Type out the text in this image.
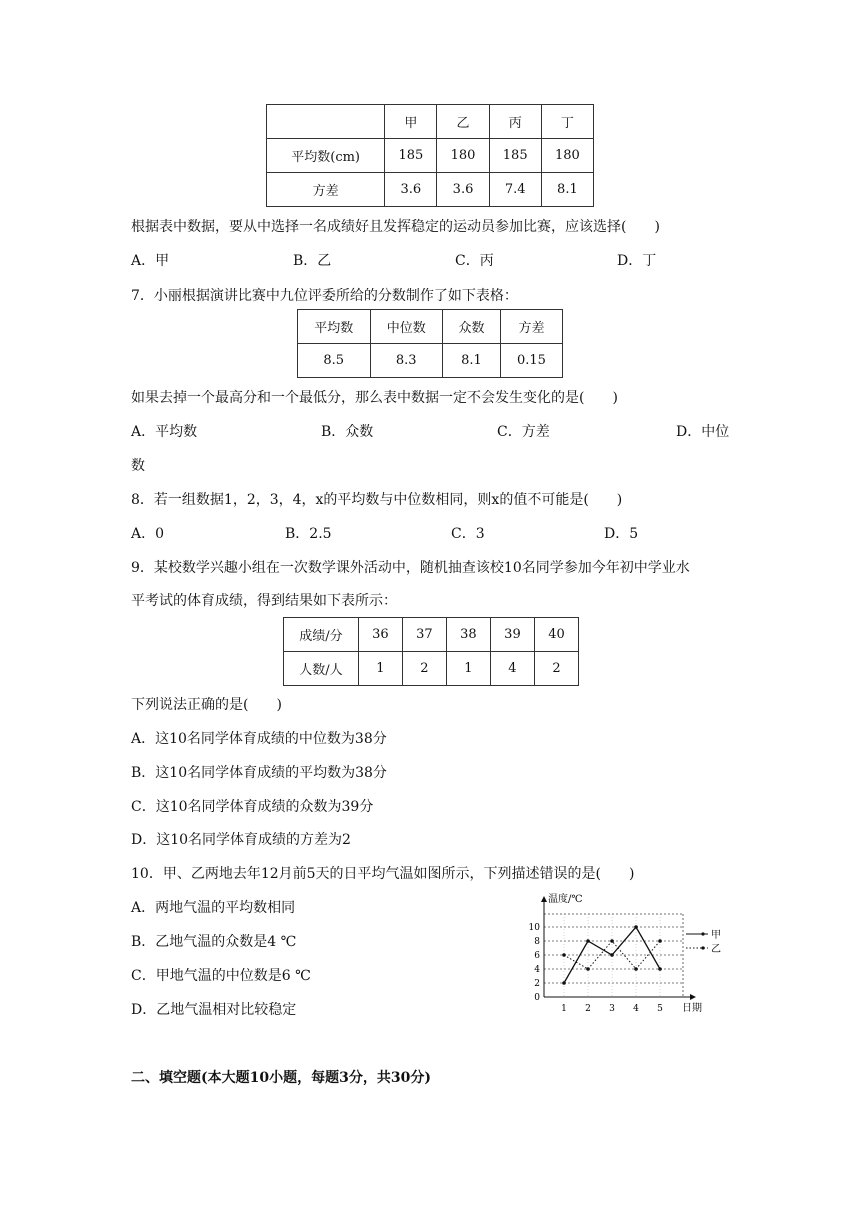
	甲	乙	丙	丁
平均数(cm)	185	180	185	180
方差	3.6	3.6	7.4	8.1
根据表中数据，要从中选择一名成绩好且发挥稳定的运动员参加比赛，应该选择(　　)
A．甲	B．乙	C．丙	D．丁
7．小丽根据演讲比赛中九位评委所给的分数制作了如下表格：
平均数	中位数	众数	方差
8.5	8.3	8.1	0.15
如果去掉一个最高分和一个最低分，那么表中数据一定不会发生变化的是(　　)
A．平均数	B．众数	C．方差	D．中位
数
8．若一组数据1，2，3，4，x的平均数与中位数相同，则x的值不可能是(　　)
A．0	B．2.5	C．3	D．5
9．某校数学兴趣小组在一次数学课外活动中，随机抽查该校10名同学参加今年初中学业水
平考试的体育成绩，得到结果如下表所示：
成绩/分	36	37	38	39	40
人数/人	1	2	1	4	2
下列说法正确的是(　　)
A．这10名同学体育成绩的中位数为38分
B．这10名同学体育成绩的平均数为38分
C．这10名同学体育成绩的众数为39分
D．这10名同学体育成绩的方差为2
10．甲、乙两地去年12月前5天的日平均气温如图所示，下列描述错误的是(　　)
A．两地气温的平均数相同
B．乙地气温的众数是4 ℃
C．甲地气温的中位数是6 ℃
D．乙地气温相对比较稳定
0
2
4
6
8
10
1 2 3 4 5
温度/℃
日期
甲
乙
二、填空题(本大题10小题，每题3分，共30分)
